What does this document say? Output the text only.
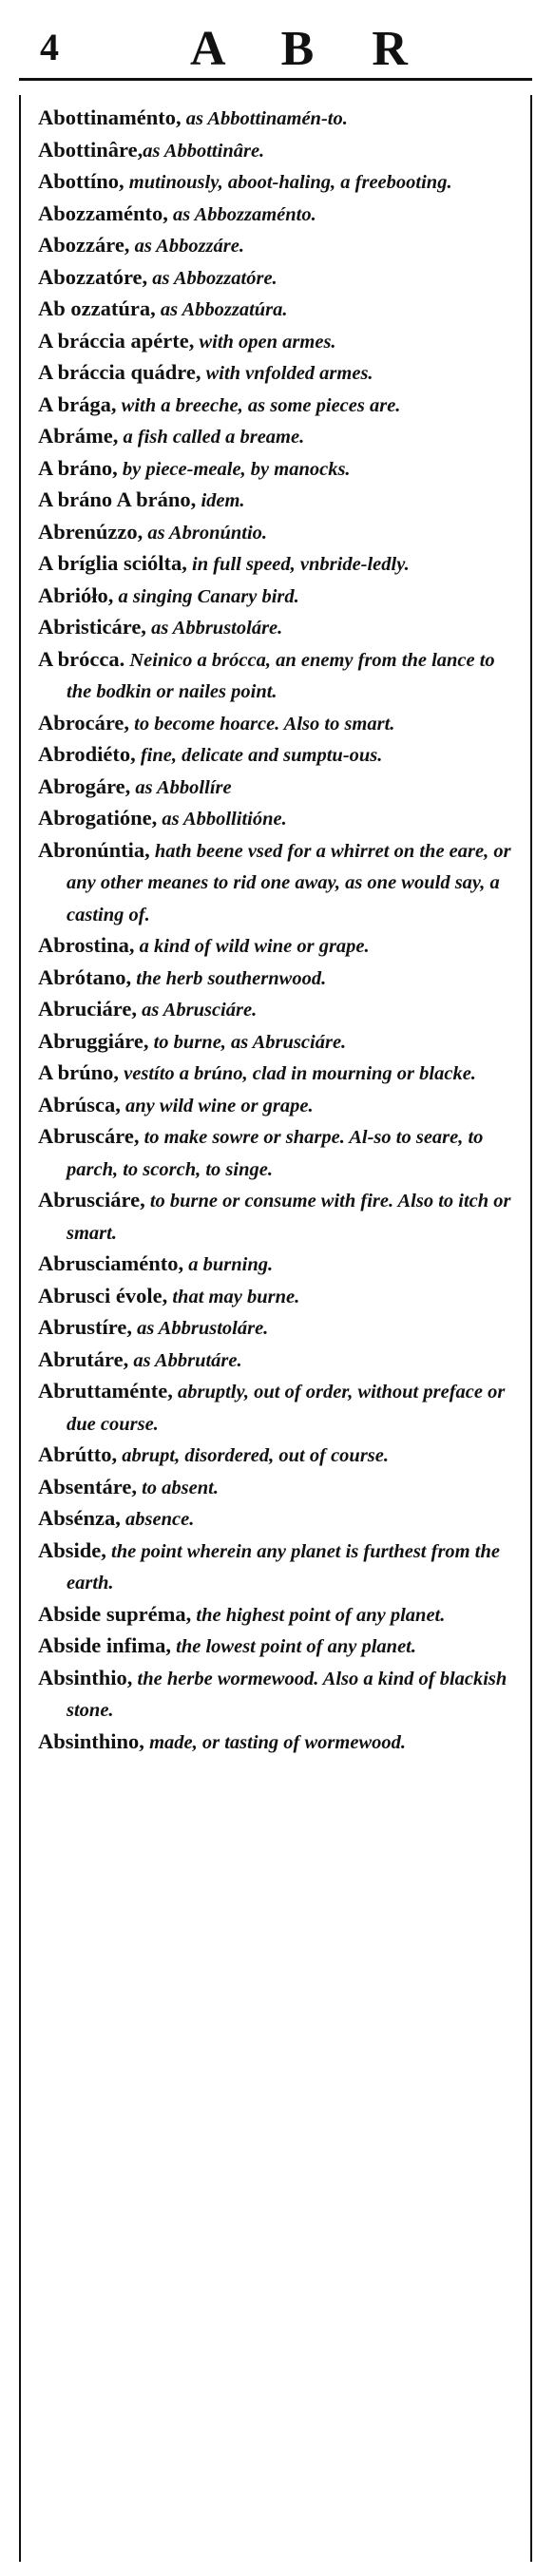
4	A B R

Abottinaménto, as Abbottinamén-to.

Abottinâre,as Abbottinâre.

Abottíno, mutinously, aboot-haling, a freebooting.

Abozzaménto, as Abbozzaménto.

Abozzáre, as Abbozzáre.

Abozzatóre, as Abbozzatóre.

Ab ozzatúra, as Abbozzatúra.

A bráccia apérte, with open armes.

A bráccia quádre, with vnfolded armes.

A brága, with a breeche, as some pieces are.

Abráme, a fish called a breame.

A bráno, by piece-meale, by manocks.

A bráno A bráno, idem.

Abrenúzzo, as Abronúntio.

A bríglia sciólta, in full speed, vnbride-ledly.

Abrióło, a singing Canary bird.

Abristicáre, as Abbrustoláre.

A brócca. Neinico a brócca, an enemy from the lance to the bodkin or nailes point.

Abrocáre, to become hoarce. Also to smart.

Abrodiéto, fine, delicate and sumptu-ous.

Abrogáre, as Abbollíre

Abrogatióne, as Abbollitióne.

Abronúntia, hath beene vsed for a whirret on the eare, or any other meanes to rid one away, as one would say, a casting of.

Abrostina, a kind of wild wine or grape.

Abrótano, the herb southernwood.

Abruciáre, as Abrusciáre.

Abruggiáre, to burne, as Abrusciáre.

A brúno, vestíto a brúno, clad in mourning or blacke.

Abrúsca, any wild wine or grape.

Abruscáre, to make sowre or sharpe. Al-so to seare, to parch, to scorch, to singe.

Abrusciáre, to burne or consume with fire. Also to itch or smart.

Abrusciaménto, a burning.

Abrusci évole, that may burne.

Abrustíre, as Abbrustoláre.

Abrutáre, as Abbrutáre.

Abruttaménte, abruptly, out of order, without preface or due course.

Abrútto, abrupt, disordered, out of course.

Absentáre, to absent.

Absénza, absence.

Abside, the point wherein any planet is furthest from the earth.

Abside supréma, the highest point of any planet.

Abside infima, the lowest point of any planet.

Absinthio, the herbe wormewood. Also a kind of blackish stone.

Absinthino, made, or tasting of wormewood.
